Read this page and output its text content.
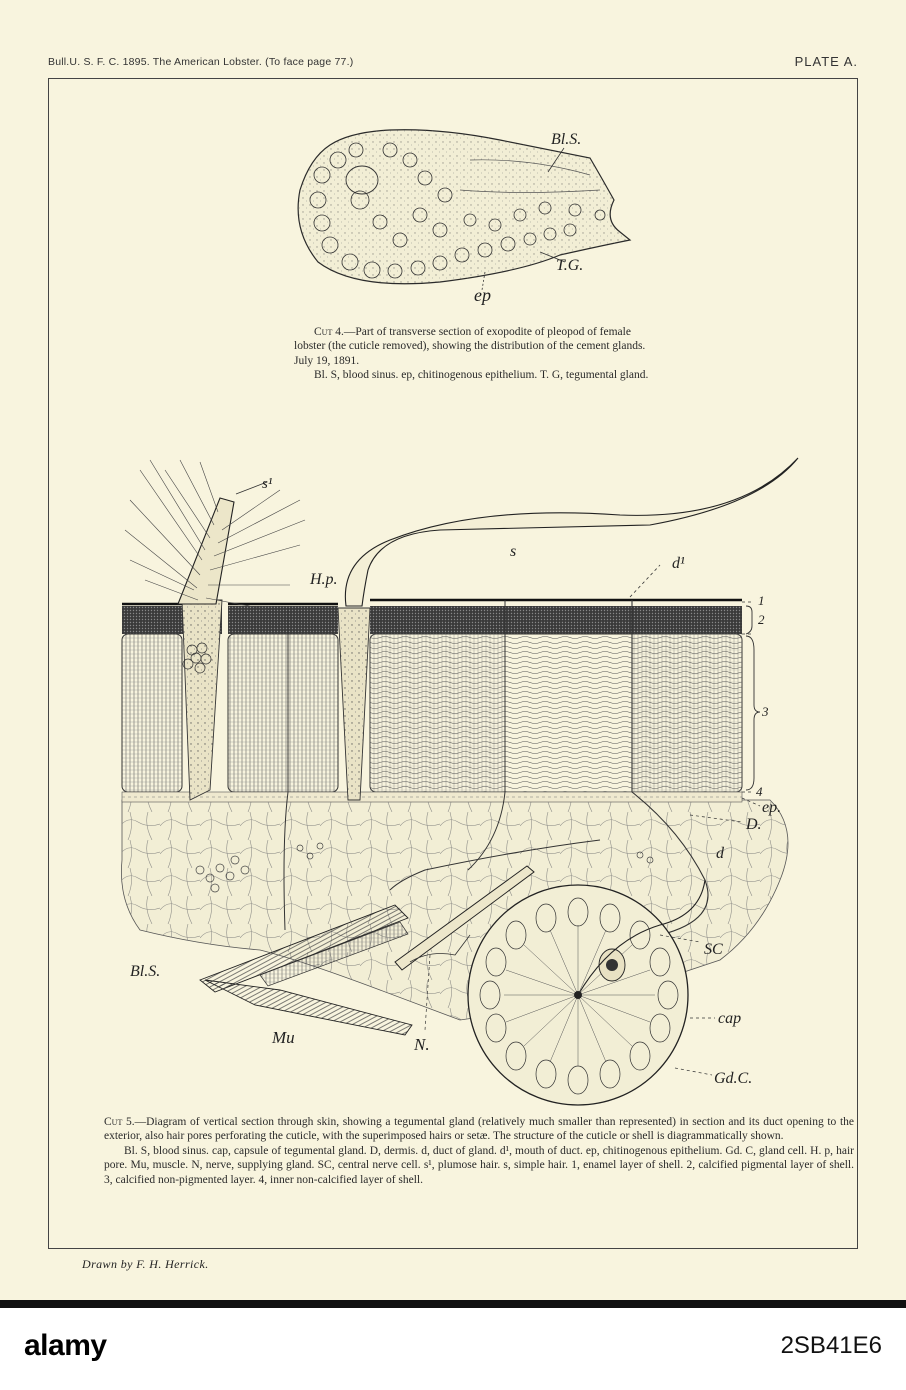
Bull.U. S. F. C. 1895. The American Lobster. (To face page 77.)	PLATE A.
Bl.S.
T.G.
ep
s¹
H.p.
s
d¹
1
2
3
4
ep.
D.
d
SC
cap
Gd.C.
Bl.S.
Mu	N.

Cut 4.—Part of transverse section of exopodite of pleopod of female lobster (the cuticle removed), showing the distribution of the cement glands. July 19, 1891.

Bl. S, blood sinus. ep, chitinogenous epithelium. T. G, tegumental gland.

Cut 5.—Diagram of vertical section through skin, showing a tegumental gland (relatively much smaller than represented) in section and its duct opening to the exterior, also hair pores perforating the cuticle, with the superimposed hairs or setæ. The structure of the cuticle or shell is diagrammatically shown.

Bl. S, blood sinus. cap, capsule of tegumental gland. D, dermis. d, duct of gland. d¹, mouth of duct. ep, chitinogenous epithelium. Gd. C, gland cell. H. p, hair pore. Mu, muscle. N, nerve, supplying gland. SC, central nerve cell. s¹, plumose hair. s, simple hair. 1, enamel layer of shell. 2, calcified pigmental layer of shell. 3, calcified non-pigmented layer. 4, inner non-calcified layer of shell.

Drawn by F. H. Herrick.
alamy	2SB41E6
